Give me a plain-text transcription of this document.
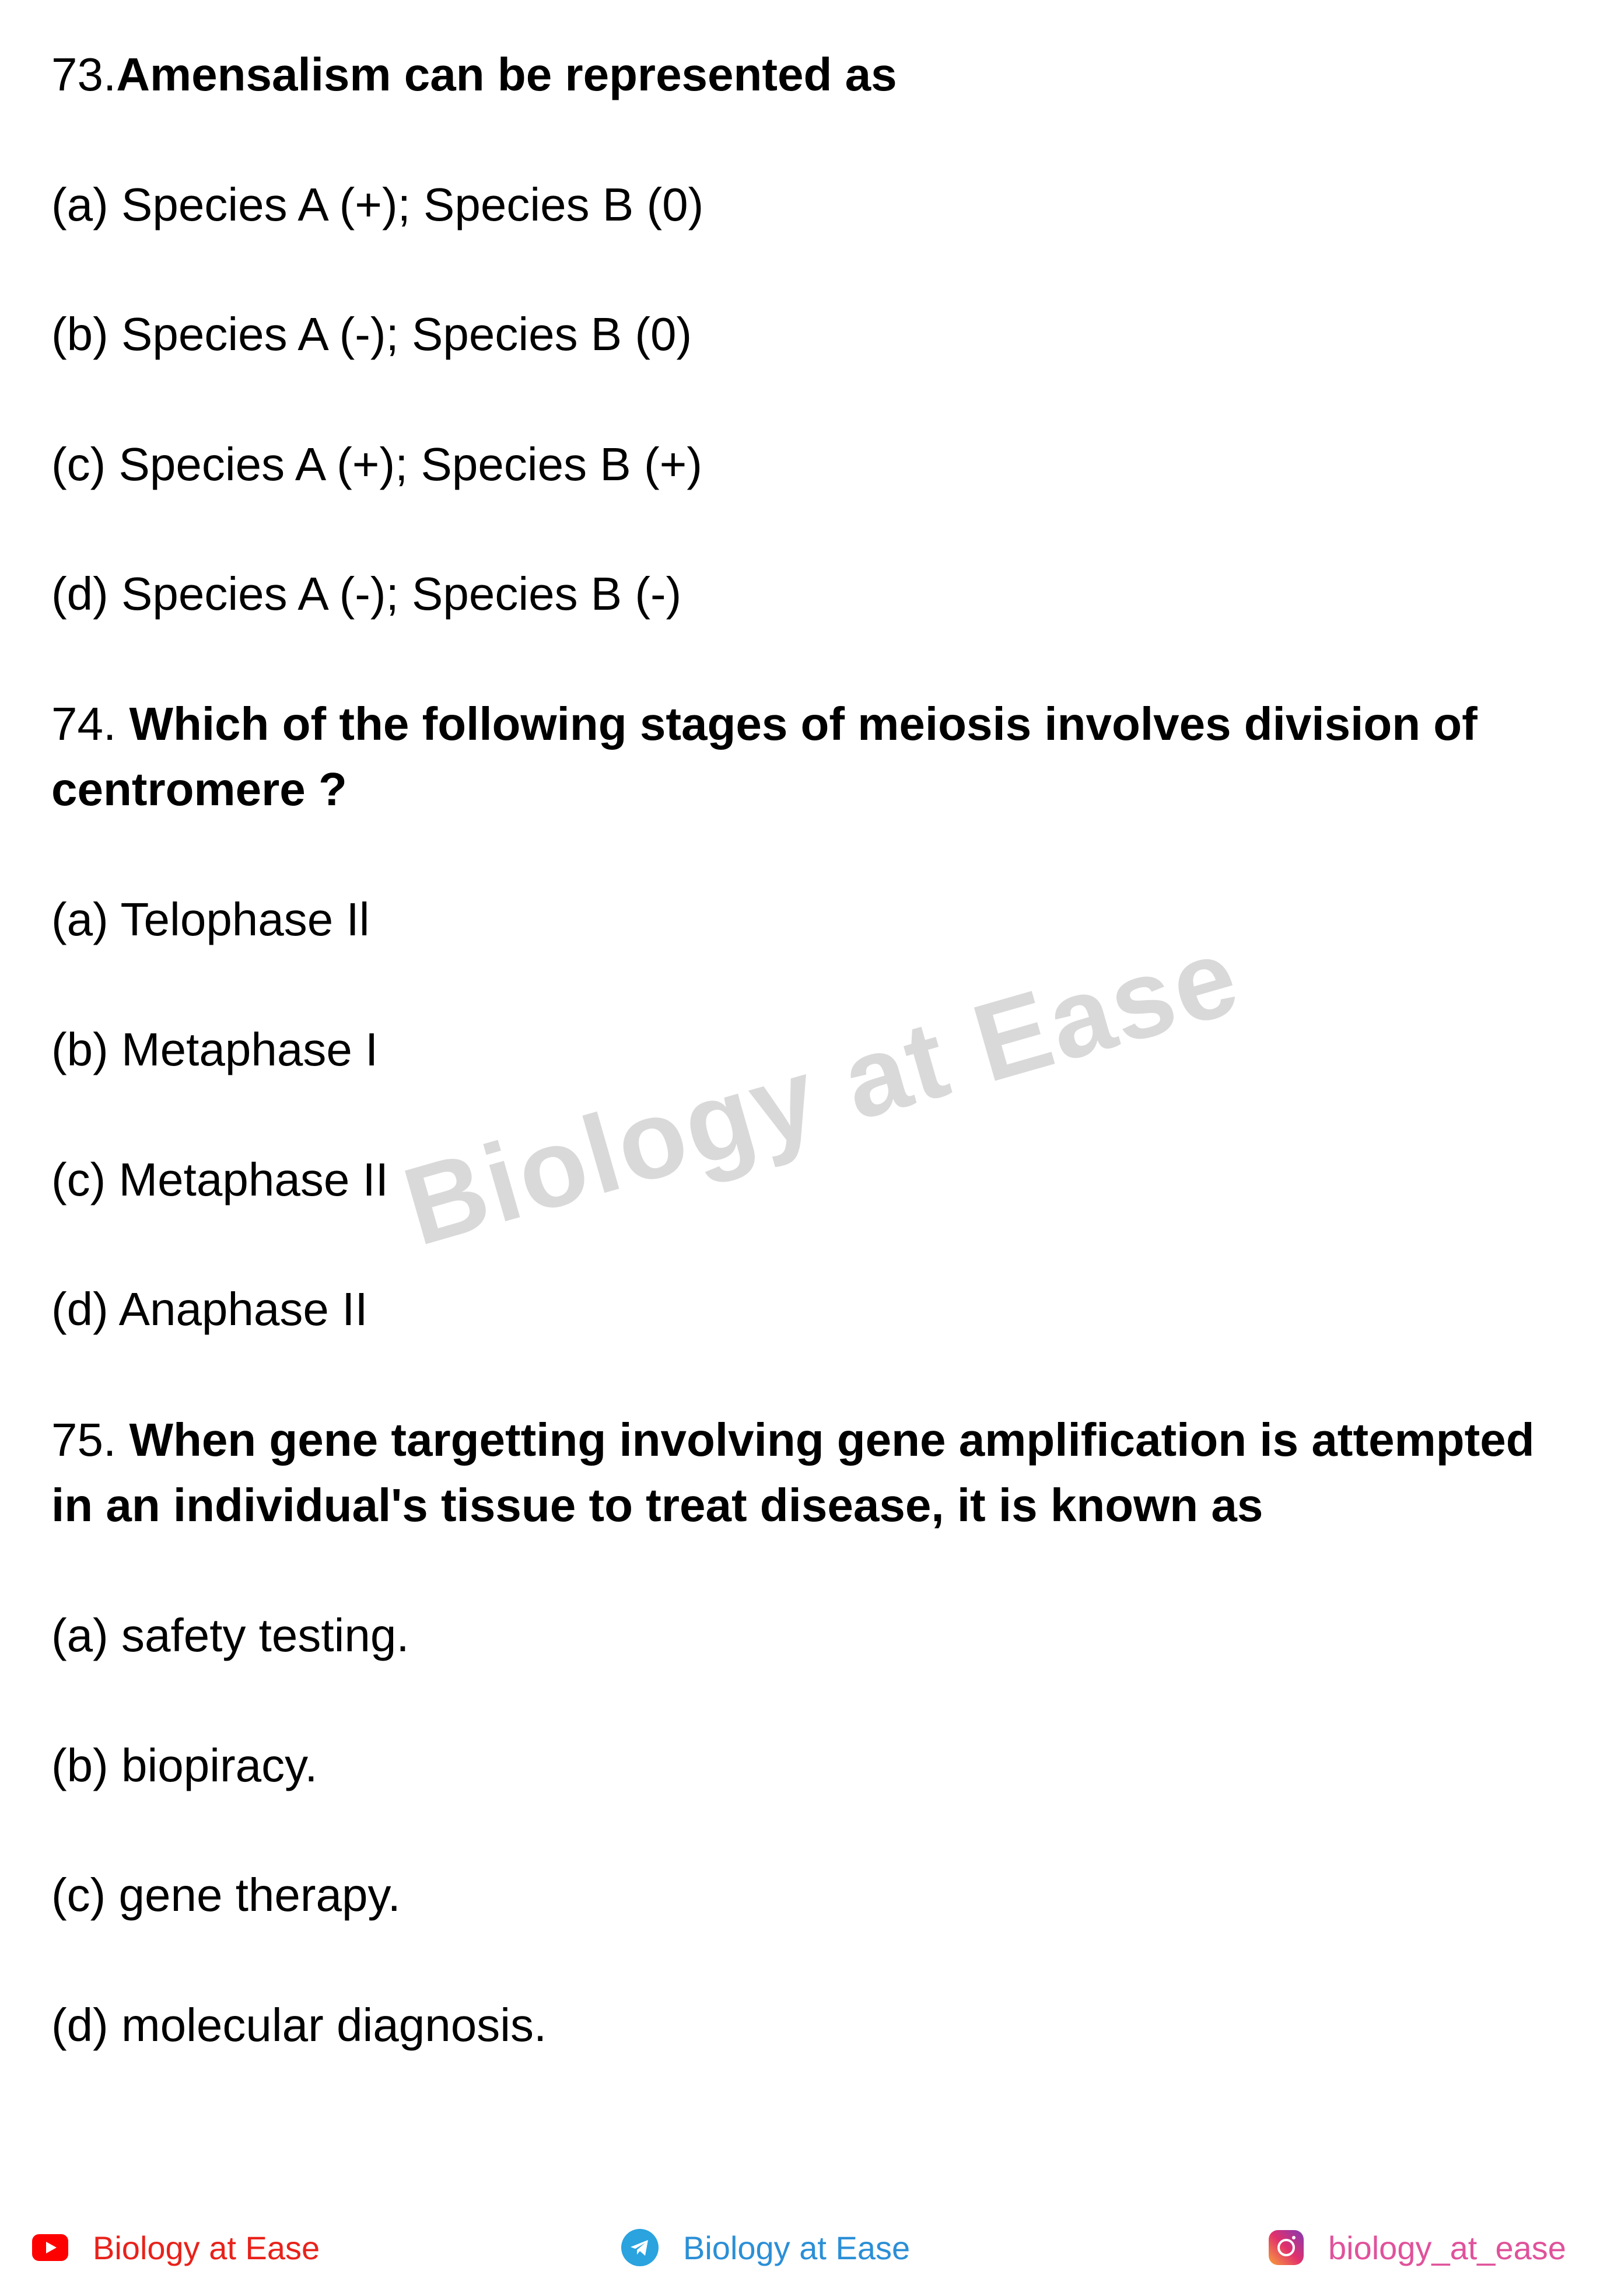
73.Amensalism can be represented as
(a) Species A (+); Species B (0)
(b) Species A (-); Species B (0)
(c) Species A (+); Species B (+)
(d) Species A (-); Species B (-)
74. Which of the following stages of meiosis involves division of
centromere ?
(a) Telophase Il
(b) Metaphase I
(c) Metaphase II
(d) Anaphase II
Biology at Ease
75. When gene targetting involving gene amplification is attempted
in an individual's tissue to treat disease, it is known as
(a) safety testing.
(b) biopiracy.
(c) gene therapy.
(d) molecular diagnosis.
Biology at Ease	Biology at Ease	biology_at_ease
